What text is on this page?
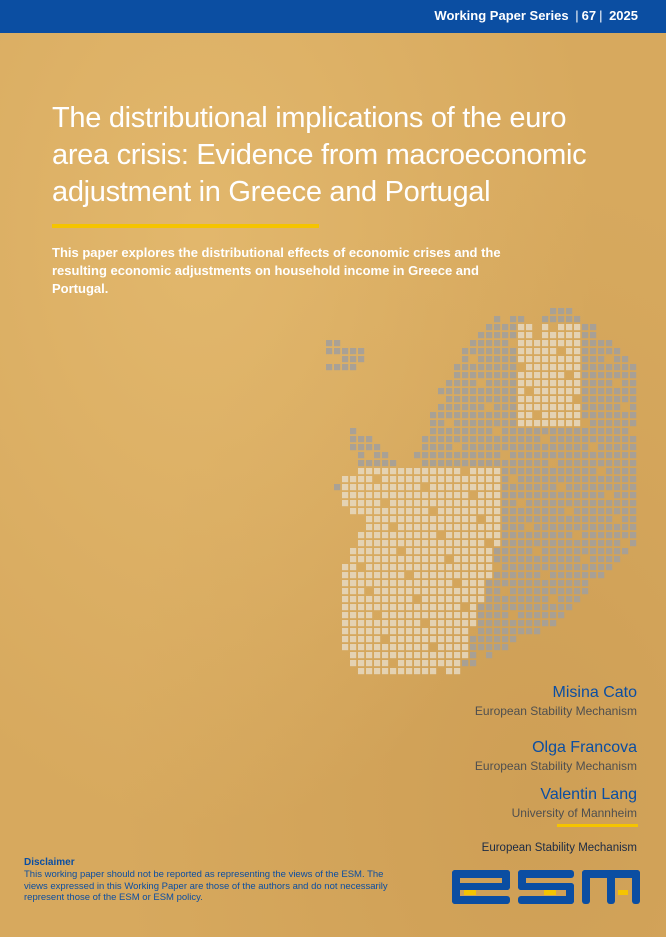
Working Paper Series | 67 | 2025
The distributional implications of the euro area crisis: Evidence from macroeconomic adjustment in Greece and Portugal

This paper explores the distributional effects of economic crises and the resulting economic adjustments on household income in Greece and Portugal.

Misina Cato
European Stability Mechanism
Olga Francova
European Stability Mechanism
Valentin Lang
University of Mannheim
Disclaimer
This working paper should not be reported as representing the views of the ESM. The views expressed in this Working Paper are those of the authors and do not necessarily represent those of the ESM or ESM policy.
European Stability Mechanism
